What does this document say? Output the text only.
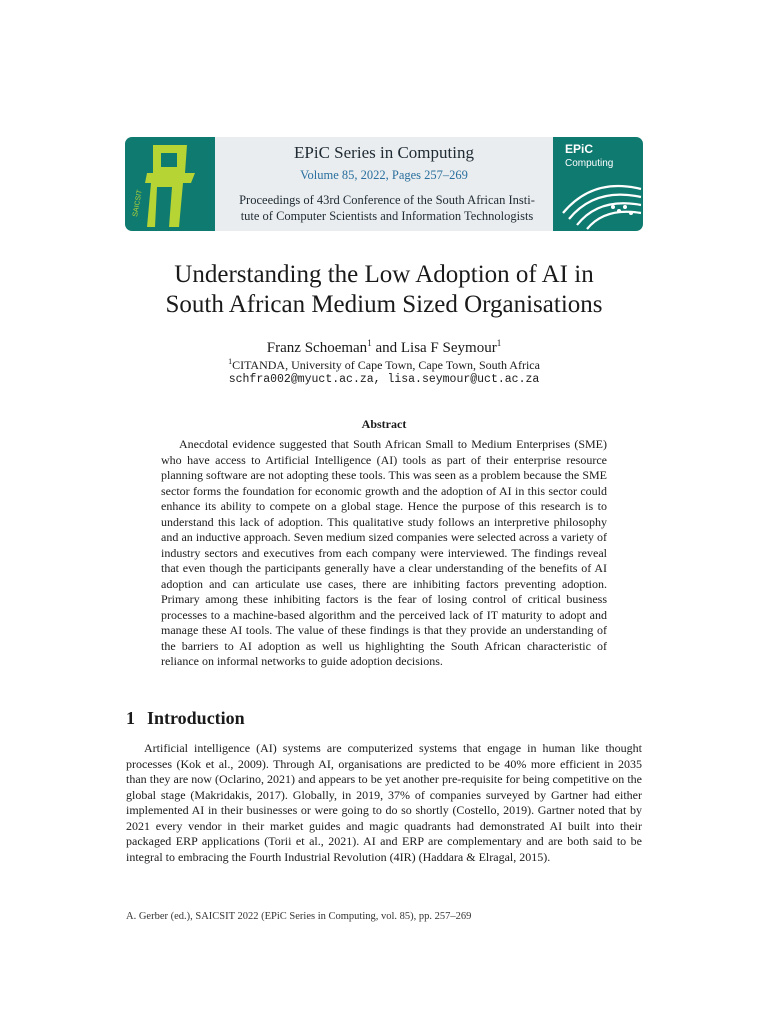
SAICSIT
EPiC Series in Computing
Volume 85, 2022, Pages 257–269
Proceedings of 43rd Conference of the South African Insti-
tute of Computer Scientists and Information Technologists
EPiC
Computing
Understanding the Low Adoption of AI in
South African Medium Sized Organisations
Franz Schoeman$^1$ and Lisa F Seymour$^1$
$^1$CITANDA, University of Cape Town, Cape Town, South Africa
schfra002@myuct.ac.za, lisa.seymour@uct.ac.za
Abstract

Anecdotal evidence suggested that South African Small to Medium Enterprises (SME) who have access to Artificial Intelligence (AI) tools as part of their enterprise resource planning software are not adopting these tools. This was seen as a problem because the SME sector forms the foundation for economic growth and the adoption of AI in this sector could enhance its ability to compete on a global stage. Hence the purpose of this research is to understand this lack of adoption. This qualitative study follows an interpretive philosophy and an inductive approach. Seven medium sized companies were selected across a variety of industry sectors and executives from each company were interviewed. The findings reveal that even though the participants generally have a clear understanding of the benefits of AI adoption and can articulate use cases, there are inhibiting factors preventing adoption. Primary among these inhibiting factors is the fear of losing control of critical business processes to a machine-based algorithm and the perceived lack of IT maturity to adopt and manage these AI tools. The value of these findings is that they provide an understanding of the barriers to AI adoption as well us highlighting the South African characteristic of reliance on informal networks to guide adoption decisions.

1 Introduction

Artificial intelligence (AI) systems are computerized systems that engage in human like thought processes (Kok et al., 2009). Through AI, organisations are predicted to be 40% more efficient in 2035 than they are now (Oclarino, 2021) and appears to be yet another pre-requisite for being competitive on the global stage (Makridakis, 2017). Globally, in 2019, 37% of companies surveyed by Gartner had either implemented AI in their businesses or were going to do so shortly (Costello, 2019). Gartner noted that by 2021 every vendor in their market guides and magic quadrants had demonstrated AI built into their packaged ERP applications (Torii et al., 2021). AI and ERP are complementary and are both said to be integral to embracing the Fourth Industrial Revolution (4IR) (Haddara & Elragal, 2015).

A. Gerber (ed.), SAICSIT 2022 (EPiC Series in Computing, vol. 85), pp. 257–269
